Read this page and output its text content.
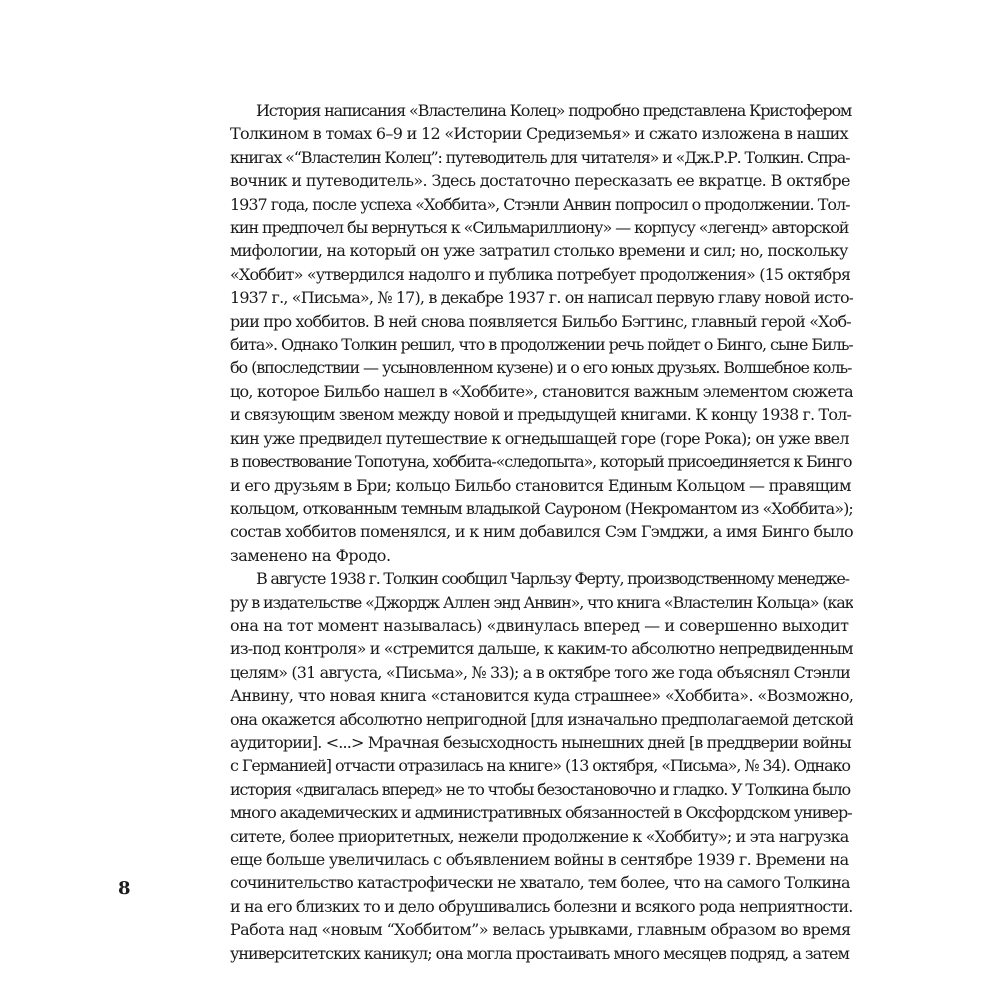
История написания «Властелина Колец» подробно представлена Кристофером
Толкином в томах 6–9 и 12 «Истории Средиземья» и сжато изложена в наших
книгах «“Властелин Колец”: путеводитель для читателя» и «Дж.Р.Р. Толкин. Спра-
вочник и путеводитель». Здесь достаточно пересказать ее вкратце. В октябре
1937 года, после успеха «Хоббита», Стэнли Анвин попросил о продолжении. Тол-
кин предпочел бы вернуться к «Сильмариллиону» — корпусу «легенд» авторской
мифологии, на который он уже затратил столько времени и сил; но, поскольку
«Хоббит» «утвердился надолго и публика потребует продолжения» (15 октября
1937 г., «Письма», № 17), в декабре 1937 г. он написал первую главу новой исто-
рии про хоббитов. В ней снова появляется Бильбо Бэггинс, главный герой «Хоб-
бита». Однако Толкин решил, что в продолжении речь пойдет о Бинго, сыне Биль-
бо (впоследствии — усыновленном кузене) и о его юных друзьях. Волшебное коль-
цо, которое Бильбо нашел в «Хоббите», становится важным элементом сюжета
и связующим звеном между новой и предыдущей книгами. К концу 1938 г. Тол-
кин уже предвидел путешествие к огнедышащей горе (горе Рока); он уже ввел
в повествование Топотуна, хоббита-«следопыта», который присоединяется к Бинго
и его друзьям в Бри; кольцо Бильбо становится Единым Кольцом — правящим
кольцом, откованным темным владыкой Сауроном (Некромантом из «Хоббита»);
состав хоббитов поменялся, и к ним добавился Сэм Гэмджи, а имя Бинго было
заменено на Фродо.
В августе 1938 г. Толкин сообщил Чарльзу Ферту, производственному менедже-
ру в издательстве «Джордж Аллен энд Анвин», что книга «Властелин Кольца» (как
она на тот момент называлась) «двинулась вперед — и совершенно выходит
из-под контроля» и «стремится дальше, к каким-то абсолютно непредвиденным
целям» (31 августа, «Письма», № 33); а в октябре того же года объяснял Стэнли
Анвину, что новая книга «становится куда страшнее» «Хоббита». «Возможно,
она окажется абсолютно непригодной [для изначально предполагаемой детской
аудитории]. <...> Мрачная безысходность нынешних дней [в преддверии войны
с Германией] отчасти отразилась на книге» (13 октября, «Письма», № 34). Однако
история «двигалась вперед» не то чтобы безостановочно и гладко. У Толкина было
много академических и административных обязанностей в Оксфордском универ-
ситете, более приоритетных, нежели продолжение к «Хоббиту»; и эта нагрузка
еще больше увеличилась с объявлением войны в сентябре 1939 г. Времени на
сочинительство катастрофически не хватало, тем более, что на самого Толкина
и на его близких то и дело обрушивались болезни и всякого рода неприятности.
Работа над «новым “Хоббитом”» велась урывками, главным образом во время
университетских каникул; она могла простаивать много месяцев подряд, а затем
8
